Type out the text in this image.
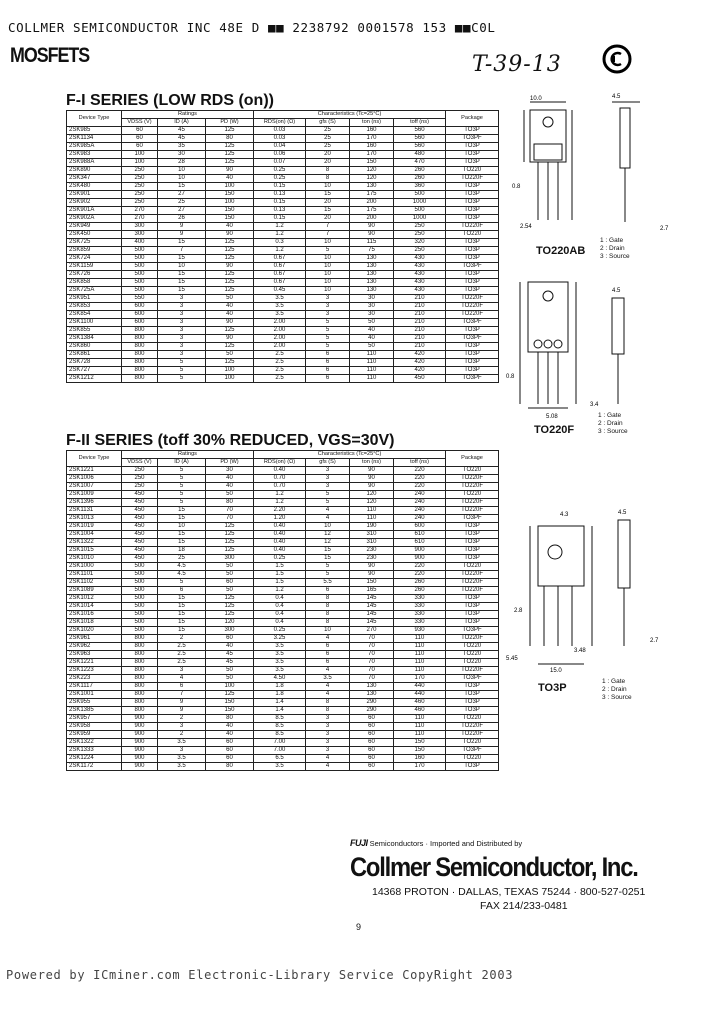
COLLMER SEMICONDUCTOR INC 48E D ■■ 2238792 0001578 153 ■■C0L
MOSFETS	T-39-13
F-I SERIES (LOW RDS (on))
Device Type	Ratings			Characteristics (Tc=25°C)				Package
	VDSS (V)	ID (A)	PD (W)	RDS(on) (Ω)	gfs (S)	ton (ns)	toff (ns)	
2SK985	60	45	125	0.03	25	160	560	TO3P
2SK1134	60	45	80	0.03	25	170	560	TO3PF
2SK985A	60	35	125	0.04	25	160	560	TO3P
2SK983	100	30	125	0.06	20	170	480	TO3P
2SK988A	100	28	125	0.07	20	150	470	TO3P
2SK890	250	10	90	0.25	8	120	260	TO220
2SK347	250	10	40	0.25	8	120	260	TO220F
2SK480	250	15	100	0.15	10	130	360	TO3P
2SK901	250	27	150	0.13	15	175	500	TO3P
2SK902	250	25	100	0.15	20	200	1000	TO3P
2SK901A	270	27	150	0.13	15	175	500	TO3P
2SK902A	270	26	150	0.15	20	200	1000	TO3P
2SK949	300	9	40	1.2	7	90	250	TO220F
2SK450	300	9	90	1.2	7	90	250	TO220
2SK725	400	15	125	0.3	10	115	320	TO3P
2SK859	500	7	125	1.2	5	75	250	TO3P
2SK724	500	15	125	0.67	10	130	430	TO3P
2SK1159	500	10	90	0.67	10	130	430	TO3PF
2SK726	500	15	125	0.67	10	130	430	TO3P
2SK858	500	15	125	0.67	10	130	430	TO3P
2SK725A	500	15	125	0.45	10	130	430	TO3P
2SK951	550	3	50	3.5	3	30	210	TO220F
2SK853	600	3	40	3.5	3	30	210	TO220F
2SK854	600	3	40	3.5	3	30	210	TO220F
2SK1100	600	3	90	2.00	5	50	210	TO3PF
2SK855	800	3	125	2.00	5	40	210	TO3P
2SK1384	800	3	90	2.00	5	40	210	TO3PF
2SK860	800	3	125	2.00	5	50	210	TO3P
2SK861	800	3	50	2.5	6	110	420	TO3P
2SK728	800	5	125	2.5	6	110	420	TO3P
2SK727	800	5	100	2.5	6	110	420	TO3P
2SK1212	800	5	100	2.5	6	110	450	TO3PF
F-II SERIES (toff 30% REDUCED, VGS=30V)
Device Type	Ratings			Characteristics (Tc=25°C)				Package
	VDSS (V)	ID (A)	PD (W)	RDS(on) (Ω)	gfs (S)	ton (ns)	toff (ns)	
2SK1221	250	5	30	0.40	3	90	220	TO220
2SK1006	250	5	40	0.70	3	90	220	TO220F
2SK1007	250	5	40	0.70	3	90	220	TO220F
2SK1009	450	5	50	1.2	5	120	240	TO220
2SK1396	450	5	80	1.2	5	120	240	TO220F
2SK1131	450	15	70	2.20	4	110	240	TO220F
2SK1013	450	15	70	1.20	4	110	240	TO3PF
2SK1019	450	10	125	0.40	10	190	600	TO3P
2SK1004	450	15	125	0.40	12	310	610	TO3P
2SK1322	450	15	125	0.40	12	310	610	TO3P
2SK1015	450	18	125	0.40	15	230	900	TO3P
2SK1010	450	25	300	0.25	15	230	900	TO3P
2SK1000	500	4.5	50	1.5	5	90	220	TO220
2SK1101	500	4.5	50	1.5	5	90	220	TO220F
2SK1102	500	5	60	1.5	5.5	150	260	TO220F
2SK1089	500	6	50	1.2	6	165	260	TO220F
2SK1012	500	15	125	0.4	8	145	330	TO3P
2SK1014	500	15	125	0.4	8	145	330	TO3P
2SK1016	500	15	125	0.4	8	145	330	TO3P
2SK1018	500	15	120	0.4	8	145	330	TO3P
2SK1020	500	15	300	0.25	10	270	930	TO3PF
2SK961	800	2	60	3.25	4	70	110	TO220F
2SK962	800	2.5	40	3.5	6	70	110	TO220
2SK963	800	2.5	45	3.5	6	70	110	TO220
2SK1221	800	2.5	45	3.5	6	70	110	TO220
2SK1223	800	3	50	3.5	4	70	110	TO220F
2SK223	800	4	50	4.50	3.5	70	170	TO3PF
2SK1117	800	6	100	1.8	4	130	440	TO3P
2SK1001	800	7	125	1.8	4	130	440	TO3P
2SK955	800	9	150	1.4	8	290	460	TO3P
2SK1385	800	9	150	1.4	8	290	460	TO3P
2SK957	900	2	80	8.5	3	60	110	TO220
2SK958	900	3	40	8.5	3	60	110	TO220F
2SK959	900	2	40	8.5	3	60	110	TO220F
2SK1322	900	3.5	60	7.00	3	60	150	TO220
2SK1333	900	3	60	7.00	3	60	150	TO3PF
2SK1224	900	3.5	60	6.5	4	60	160	TO220
2SK1172	900	3.5	80	3.5	4	60	170	TO3P
10.0	4.5
0.8
2.54	2.7
4.5
0.8
3.4
5.08
TO220AB
1 : Gate
2 : Drain
3 : Source
TO220F
1 : Gate
2 : Drain
3 : Source
4.3	4.5
2.8
5.45
3.48
15.0
2.7
TO3P
1 : Gate
2 : Drain
3 : Source
FUJI Semiconductors · Imported and Distributed by
Collmer Semiconductor, Inc.
14368 PROTON · DALLAS, TEXAS 75244 · 800-527-0251
FAX 214/233-0481
9
Powered by ICminer.com Electronic-Library Service CopyRight 2003
